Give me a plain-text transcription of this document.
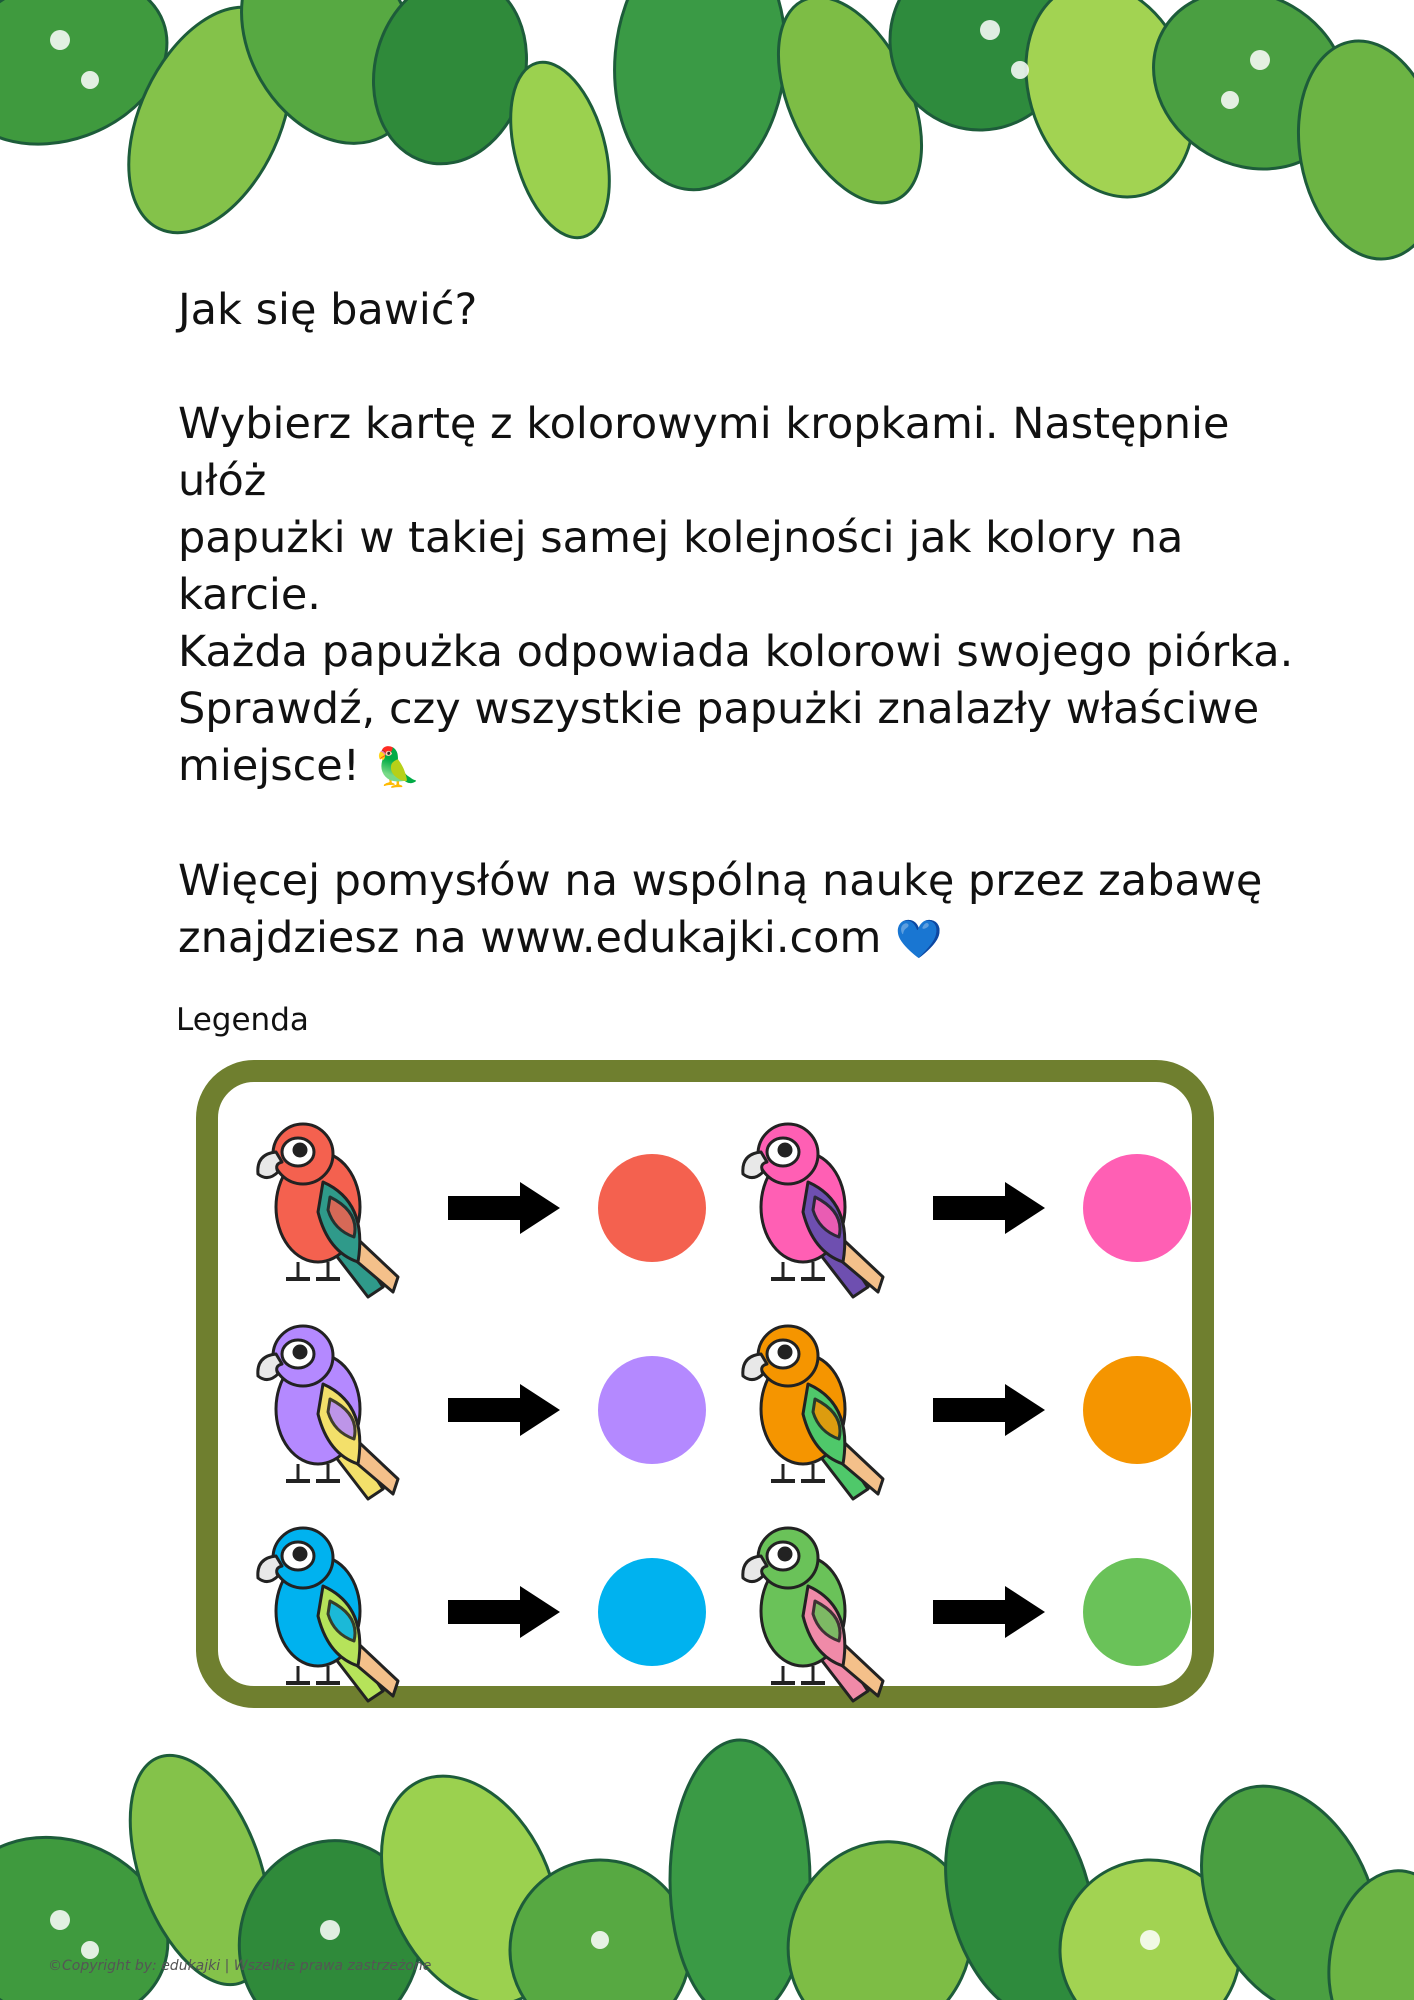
Jak się bawić?

Wybierz kartę z kolorowymi kropkami. Następnie ułóż

papużki w takiej samej kolejności jak kolory na karcie.

Każda papużka odpowiada kolorowi swojego piórka.

Sprawdź, czy wszystkie papużki znalazły właściwe

miejsce! 🦜

Więcej pomysłów na wspólną naukę przez zabawę

znajdziesz na www.edukajki.com 💙

Legenda
©Copyright by: edukajki | Wszelkie prawa zastrzeżone
